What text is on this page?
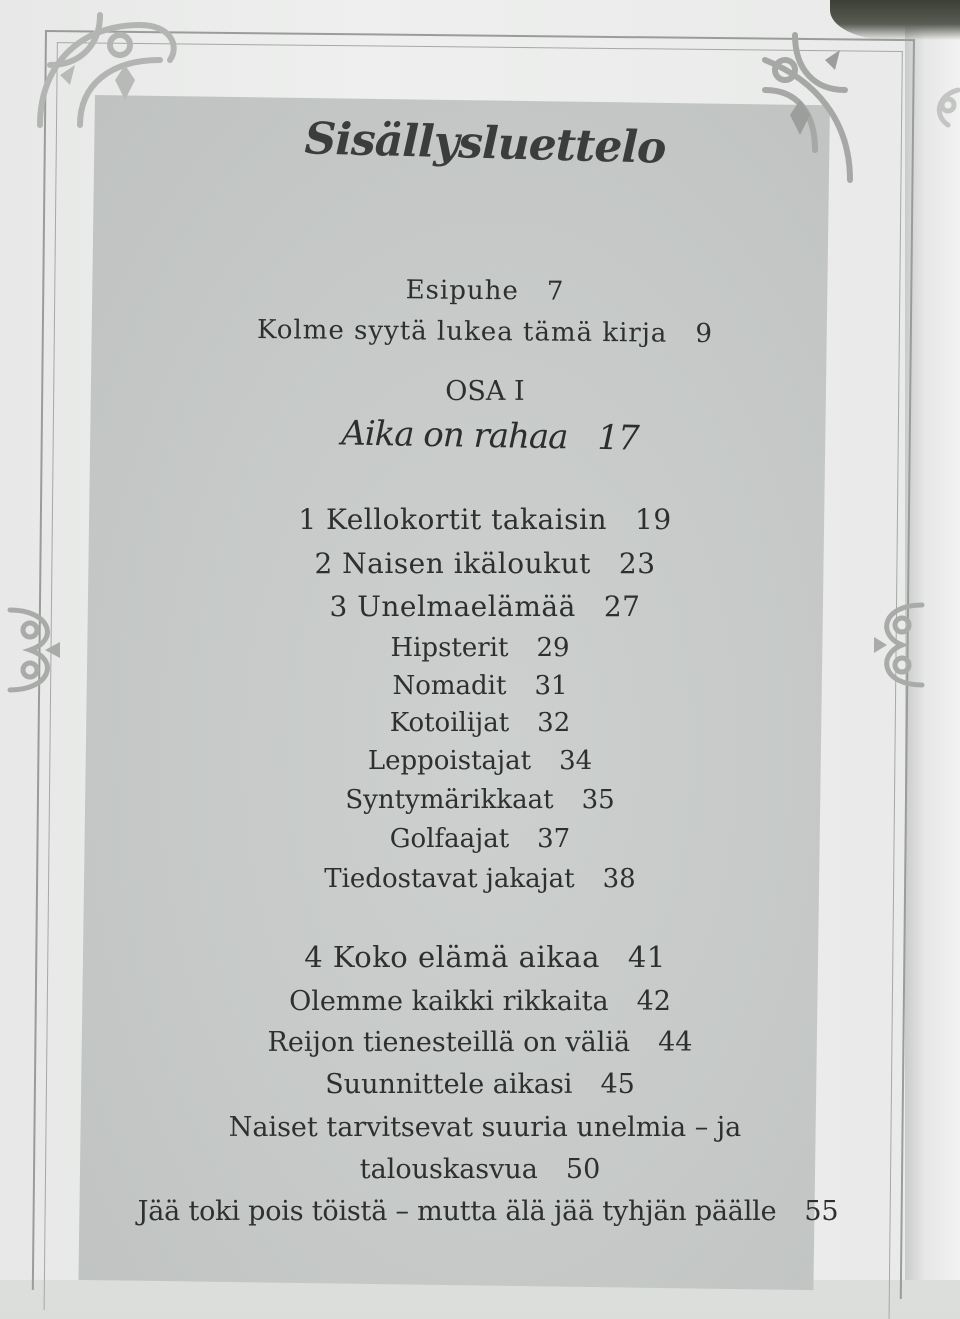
Sisällysluettelo
Esipuhe 7
Kolme syytä lukea tämä kirja 9
OSA I
Aika on rahaa 17
1 Kellokortit takaisin 19
2 Naisen ikäloukut 23
3 Unelmaelämää 27
Hipsterit 29
Nomadit 31
Kotoilijat 32
Leppoistajat 34
Syntymärikkaat 35
Golfaajat 37
Tiedostavat jakajat 38
4 Koko elämä aikaa 41
Olemme kaikki rikkaita 42
Reijon tienesteillä on väliä 44
Suunnittele aikasi 45
Naiset tarvitsevat suuria unelmia – ja
talouskasvua 50
Jää toki pois töistä – mutta älä jää tyhjän päälle 55
